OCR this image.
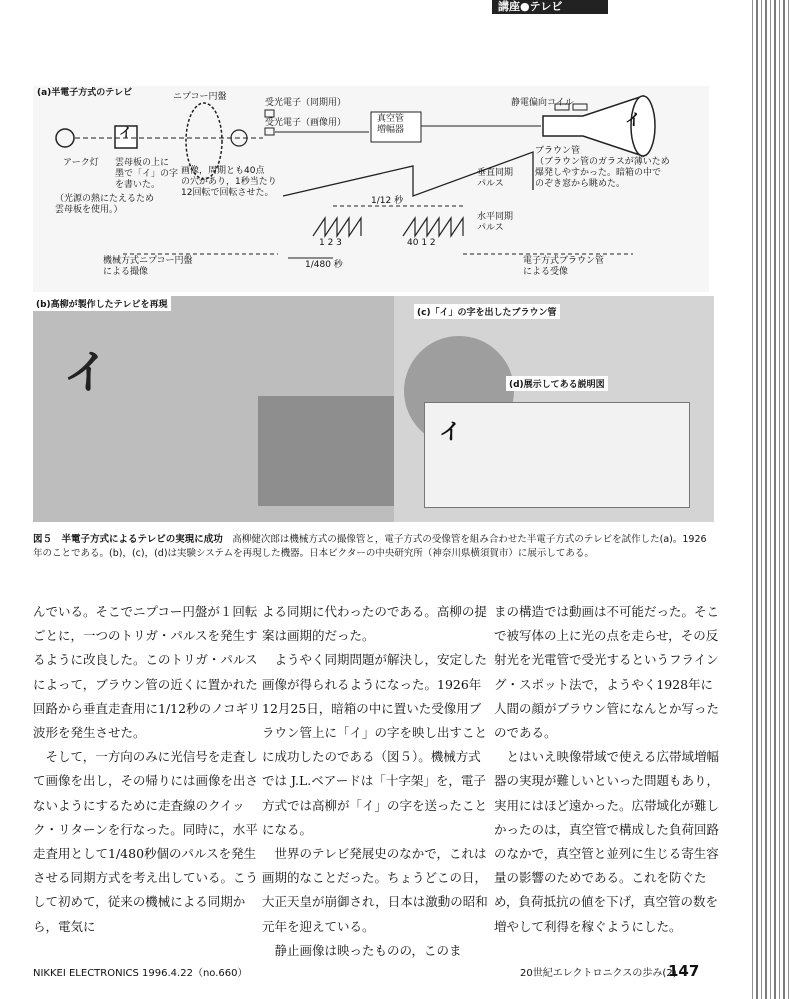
講座●テレビ
(a)半電子方式のテレビ	ニプコー円盤
受光電子（同期用）
受光電子（画像用）	真空管
増幅器
静電偏向コイル
イ
イ
ブラウン管
（ブラウン管のガラスが薄いため
爆発しやすかった。暗箱の中で
のぞき窓から眺めた。
アーク灯 雲母板の上に
墨で「イ」の字
を書いた。
（光源の熱にたえるため
雲母板を使用。）
画像，周期とも40点
の穴があり，1秒当たり
12回転で回転させた。
垂直同期
パルス
水平同期
パルス
1/12 秒
1/480 秒
1 2 3	40 1 2
機械方式ニプコー円盤
による撮像
電子方式ブラウン管
による受像
(b)高柳が製作したテレビを再現
イ
(c)「イ」の字を出したブラウン管
(d)展示してある説明図
イ
図５　半電子方式によるテレビの実現に成功　 高柳健次郎は機械方式の撮像管と，電子方式の受像管を組み合わせた半電子方式のテレビを試作した(a)。1926年のことである。(b)，(c)，(d)は実験システムを再現した機器。日本ビクターの中央研究所（神奈川県横須賀市）に展示してある。

んでいる。そこでニプコー円盤が１回転ごとに，一つのトリガ・パルスを発生するように改良した。このトリガ・パルスによって，ブラウン管の近くに置かれた回路から垂直走査用に1/12秒のノコギリ波形を発生させた。

そして，一方向のみに光信号を走査して画像を出し，その帰りには画像を出さないようにするために走査線のクイック・リターンを行なった。同時に，水平走査用として1/480秒個のパルスを発生させる同期方式を考え出している。こうして初めて，従来の機械による同期から，電気に

よる同期に代わったのである。高柳の提案は画期的だった。

ようやく同期問題が解決し，安定した画像が得られるようになった。1926年12月25日，暗箱の中に置いた受像用ブラウン管上に「イ」の字を映し出すことに成功したのである（図５）。機械方式では J.L.ベアードは「十字架」を，電子方式では高柳が「イ」の字を送ったことになる。

世界のテレビ発展史のなかで，これは画期的なことだった。ちょうどこの日，大正天皇が崩御され，日本は激動の昭和元年を迎えている。

静止画像は映ったものの，このま

まの構造では動画は不可能だった。そこで被写体の上に光の点を走らせ，その反射光を光電管で受光するというフライング・スポット法で，ようやく1928年に人間の顔がブラウン管になんとか写ったのである。

とはいえ映像帯域で使える広帯域増幅器の実現が難しいといった問題もあり，実用にはほど遠かった。広帯域化が難しかったのは，真空管で構成した負荷回路のなかで，真空管と並列に生じる寄生容量の影響のためである。これを防ぐため，負荷抵抗の値を下げ，真空管の数を増やして利得を稼ぐようにした。

NIKKEI ELECTRONICS 1996.4.22（no.660）	20世紀エレクトロニクスの歩み(2)
147
